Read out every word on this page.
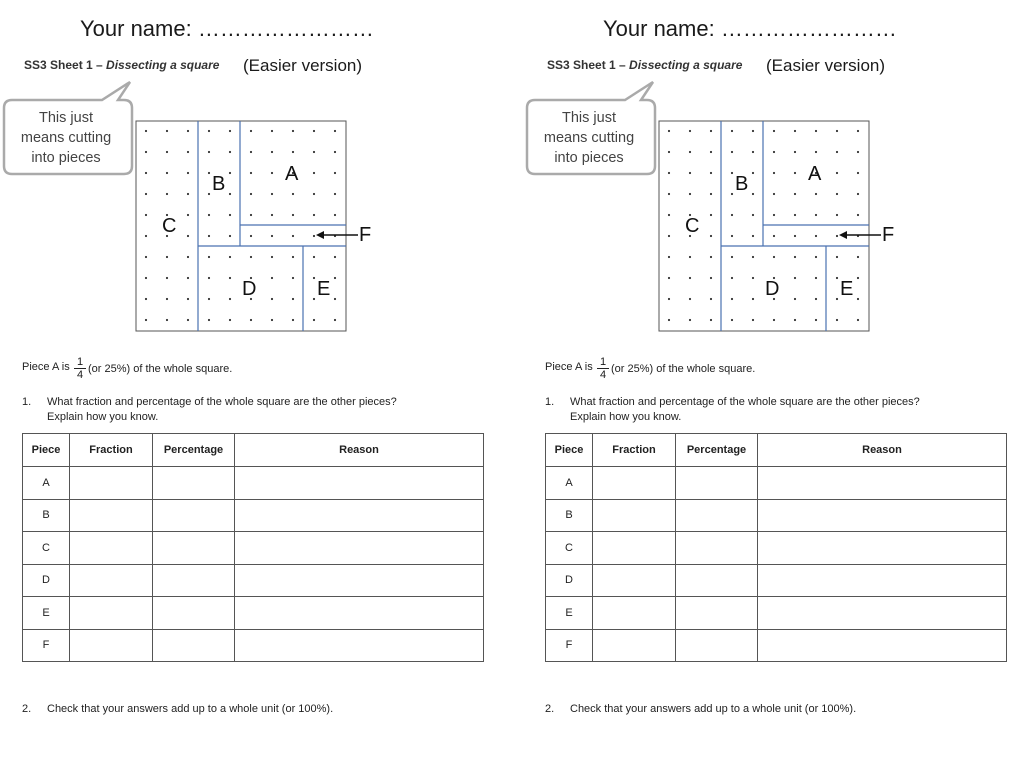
Your name: ……………………
SS3 Sheet 1 – Dissecting a square (Easier version)
This just
means cutting
into pieces
A
B
C
D	E
F
Piece A is $\frac{1}{4} (or$ 25%) of the whole square.
1. What fraction and percentage of the whole square are the other pieces?
Explain how you know.
Piece	Fraction	Percentage	Reason
A			
B			
C			
D			
E			
F			
2. Check that your answers add up to a whole unit (or 100%).
Your name: ……………………
SS3 Sheet 1 – Dissecting a square (Easier version)
This just
means cutting
into pieces
A
B
C
D	E
F
Piece A is $\frac{1}{4} (or$ 25%) of the whole square.
1. What fraction and percentage of the whole square are the other pieces?
Explain how you know.
Piece	Fraction	Percentage	Reason
A			
B			
C			
D			
E			
F			
2. Check that your answers add up to a whole unit (or 100%).
